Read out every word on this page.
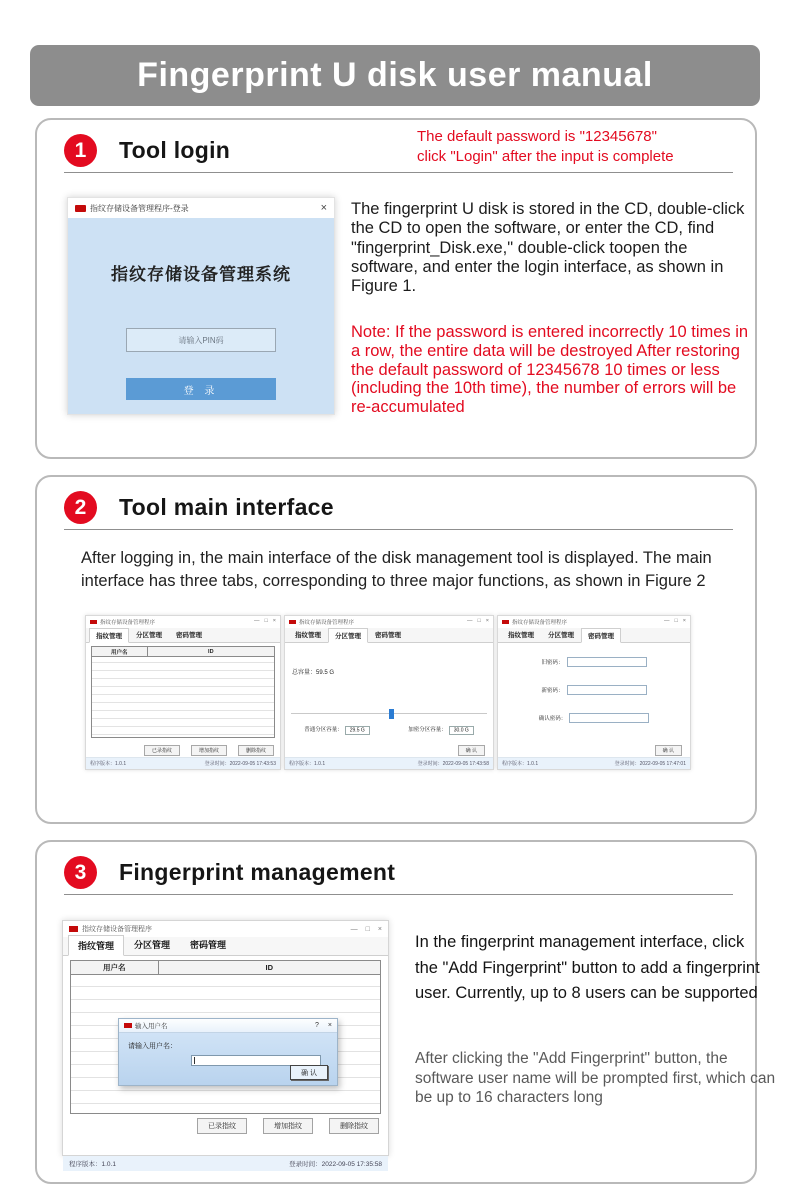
Fingerprint U disk user manual
1	Tool login
The default password is "12345678"
click "Login" after the input is complete
指纹存储设备管理程序-登录	×
指纹存储设备管理系统
请输入PIN码
登 录
The fingerprint U disk is stored in the CD, double-click the CD to open the software, or enter the CD, find "fingerprint_Disk.exe," double-click toopen the software, and enter the login interface, as shown in Figure 1.
Note: If the password is entered incorrectly 10 times in a row, the entire data will be destroyed After restoring the default password of 12345678 10 times or less (including the 10th time), the number of errors will be re-accumulated
2	Tool main interface
After logging in, the main interface of the disk management tool is displayed. The main interface has three tabs, corresponding to three major functions, as shown in Figure 2
指纹存储设备管理程序	— □ ×
指纹管理	分区管理	密码管理
用户名	ID
已录指纹	增加指纹	删除指纹
程序版本：1.0.1	登录时间：2022-09-05 17:43:53
指纹存储设备管理程序	— □ ×
指纹管理	分区管理	密码管理
总容量：59.5 G
普通分区容量： 29.5 G	加密分区容量： 30.0 G
确 认
程序版本：1.0.1	登录时间：2022-09-05 17:43:58
指纹存储设备管理程序	— □ ×
指纹管理	分区管理	密码管理
旧密码：
新密码：
确认密码：
确 认
程序版本：1.0.1	登录时间：2022-09-05 17:47:01
3	Fingerprint management
指纹存储设备管理程序	— □ ×
指纹管理	分区管理	密码管理
用户名	ID
已录指纹	增加指纹	删除指纹
输入用户名	? ×
请输入用户名：
确 认
程序版本：1.0.1	登录时间：2022-09-05 17:35:58
In the fingerprint management interface, click the "Add Fingerprint" button to add a fingerprint user. Currently, up to 8 users can be supported
After clicking the "Add Fingerprint" button, the software user name will be prompted first, which can be up to 16 characters long
